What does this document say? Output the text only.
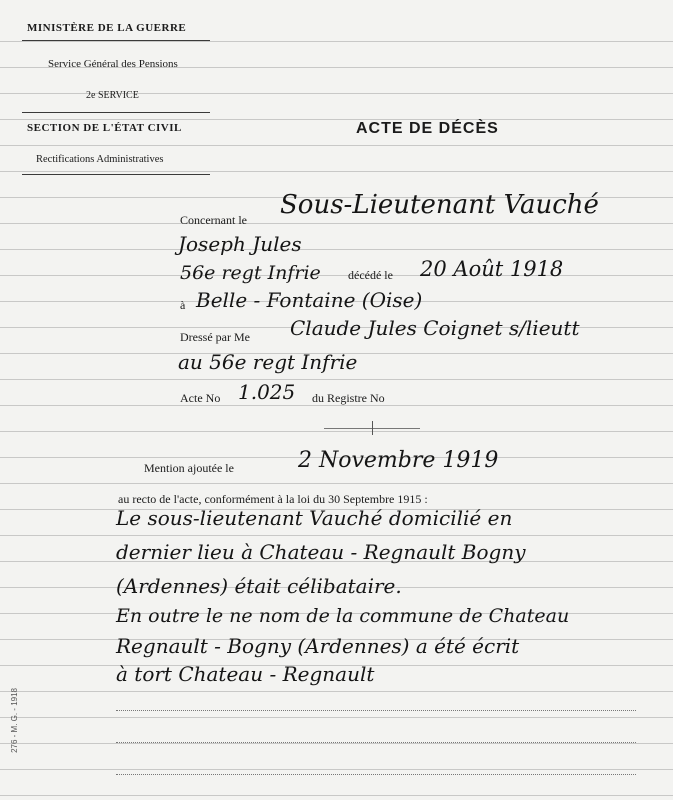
MINISTÈRE DE LA GUERRE
Service Général des Pensions
2e SERVICE
SECTION DE L'ÉTAT CIVIL
Rectifications Administratives
ACTE DE DÉCÈS
Concernant le Sous-Lieutenant Vauché
Joseph Jules
56e regt Infrie décédé le 20 Août 1918
à Belle - Fontaine (Oise)
Dressé par Me Claude Jules Coignet s/lieutt
au 56e regt Infrie
Acte No 1.025 du Registre No
Mention ajoutée le	2 Novembre 1919
au recto de l'acte, conformément à la loi du 30 Septembre 1915 :
Le sous-lieutenant Vauché domicilié en
dernier lieu à Chateau - Regnault Bogny
(Ardennes) était célibataire.
En outre le ne nom de la commune de Chateau
Regnault - Bogny (Ardennes) a été écrit
à tort Chateau - Regnault
276 - M. G. - 1918
